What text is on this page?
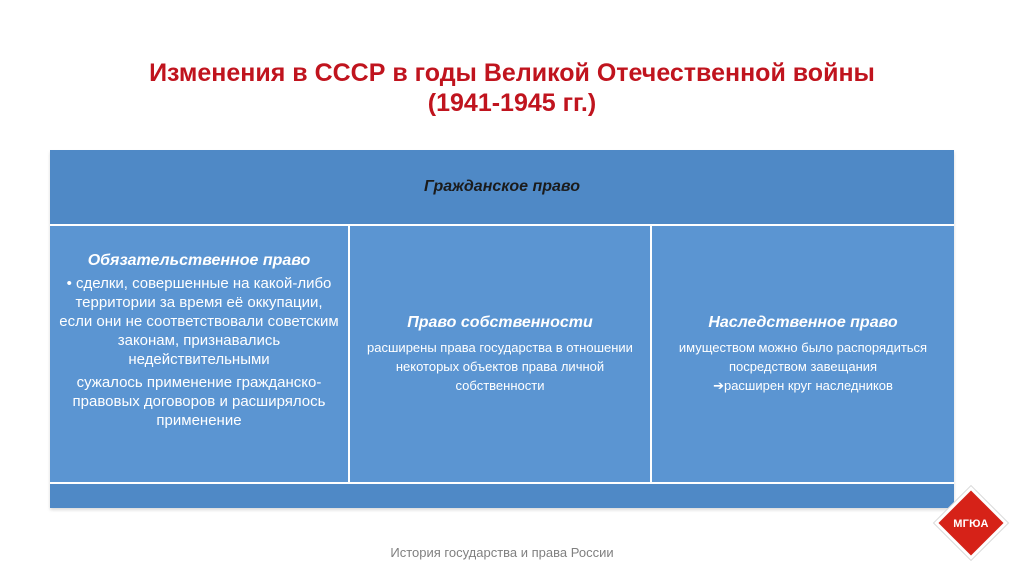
Изменения в СССР в годы Великой Отечественной войны
(1941-1945 гг.)
Гражданское право
Обязательственное право
• сделки, совершенные на какой-либо территории за время её оккупации, если они не соответствовали советским законам, признавались недействительными
сужалось применение гражданско-правовых договоров и расширялось применение
Право собственности
расширены права государства в отношении некоторых объектов права личной собственности
Наследственное право
имуществом можно было распорядиться посредством завещания
➔расширен круг наследников
История государства и права России
МГЮА
